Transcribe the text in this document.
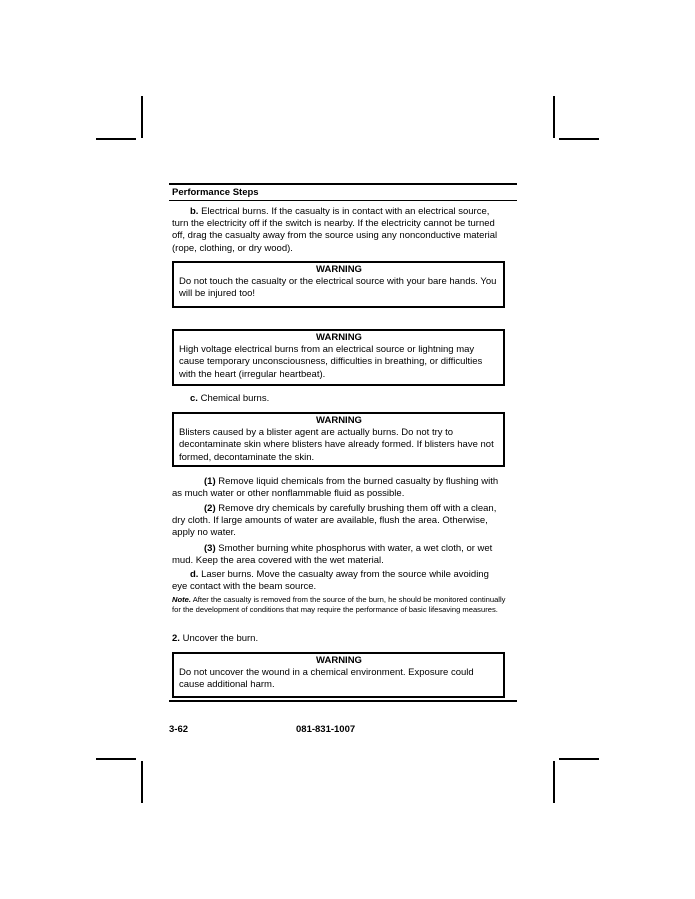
Performance Steps
b. Electrical burns. If the casualty is in contact with an electrical source, turn the electricity off if the switch is nearby. If the electricity cannot be turned off, drag the casualty away from the source using any nonconductive material (rope, clothing, or dry wood).
WARNING
Do not touch the casualty or the electrical source with your bare hands. You will be injured too!
WARNING
High voltage electrical burns from an electrical source or lightning may cause temporary unconsciousness, difficulties in breathing, or difficulties with the heart (irregular heartbeat).
c. Chemical burns.
WARNING
Blisters caused by a blister agent are actually burns. Do not try to decontaminate skin where blisters have already formed. If blisters have not formed, decontaminate the skin.
(1) Remove liquid chemicals from the burned casualty by flushing with as much water or other nonflammable fluid as possible.
(2) Remove dry chemicals by carefully brushing them off with a clean, dry cloth. If large amounts of water are available, flush the area. Otherwise, apply no water.
(3) Smother burning white phosphorus with water, a wet cloth, or wet mud. Keep the area covered with the wet material.
d. Laser burns. Move the casualty away from the source while avoiding eye contact with the beam source.
Note. After the casualty is removed from the source of the burn, he should be monitored continually for the development of conditions that may require the performance of basic lifesaving measures.
2. Uncover the burn.
WARNING
Do not uncover the wound in a chemical environment. Exposure could cause additional harm.
3-62	081-831-1007
